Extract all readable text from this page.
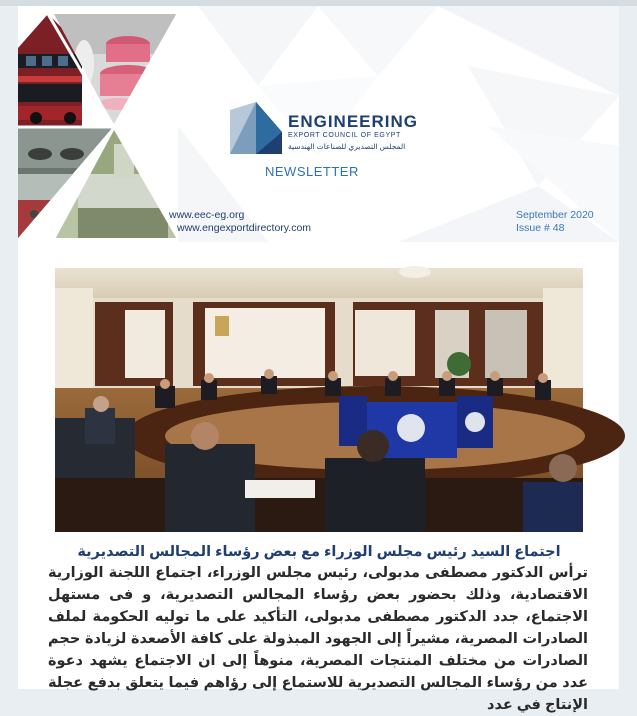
ENGINEERING
EXPORT COUNCIL OF EGYPT
المجلس التصديري للصناعات الهندسية
NEWSLETTER
www.eec-eg.org
www.engexportdirectory.com
September 2020
Issue # 48
اجتماع السيد رئيس مجلس الوزراء مع بعض رؤساء المجالس التصديرية
ترأس الدكتور مصطفى مدبولى، رئيس مجلس الوزراء، اجتماع اللجنة الوزارية الاقتصادية، وذلك بحضور بعض رؤساء المجالس التصديرية، و فى مستهل الاجتماع، جدد الدكتور مصطفى مدبولى، التأكيد على ما توليه الحكومة لملف الصادرات المصرية، مشيراً إلى الجهود المبذولة على كافة الأصعدة لزيادة حجم الصادرات من مختلف المنتجات المصرية، منوهاً إلى ان الاجتماع يشهد دعوة عدد من رؤساء المجالس التصديرية للاستماع إلى رؤاهم فيما يتعلق بدفع عجلة الإنتاج في عدد
